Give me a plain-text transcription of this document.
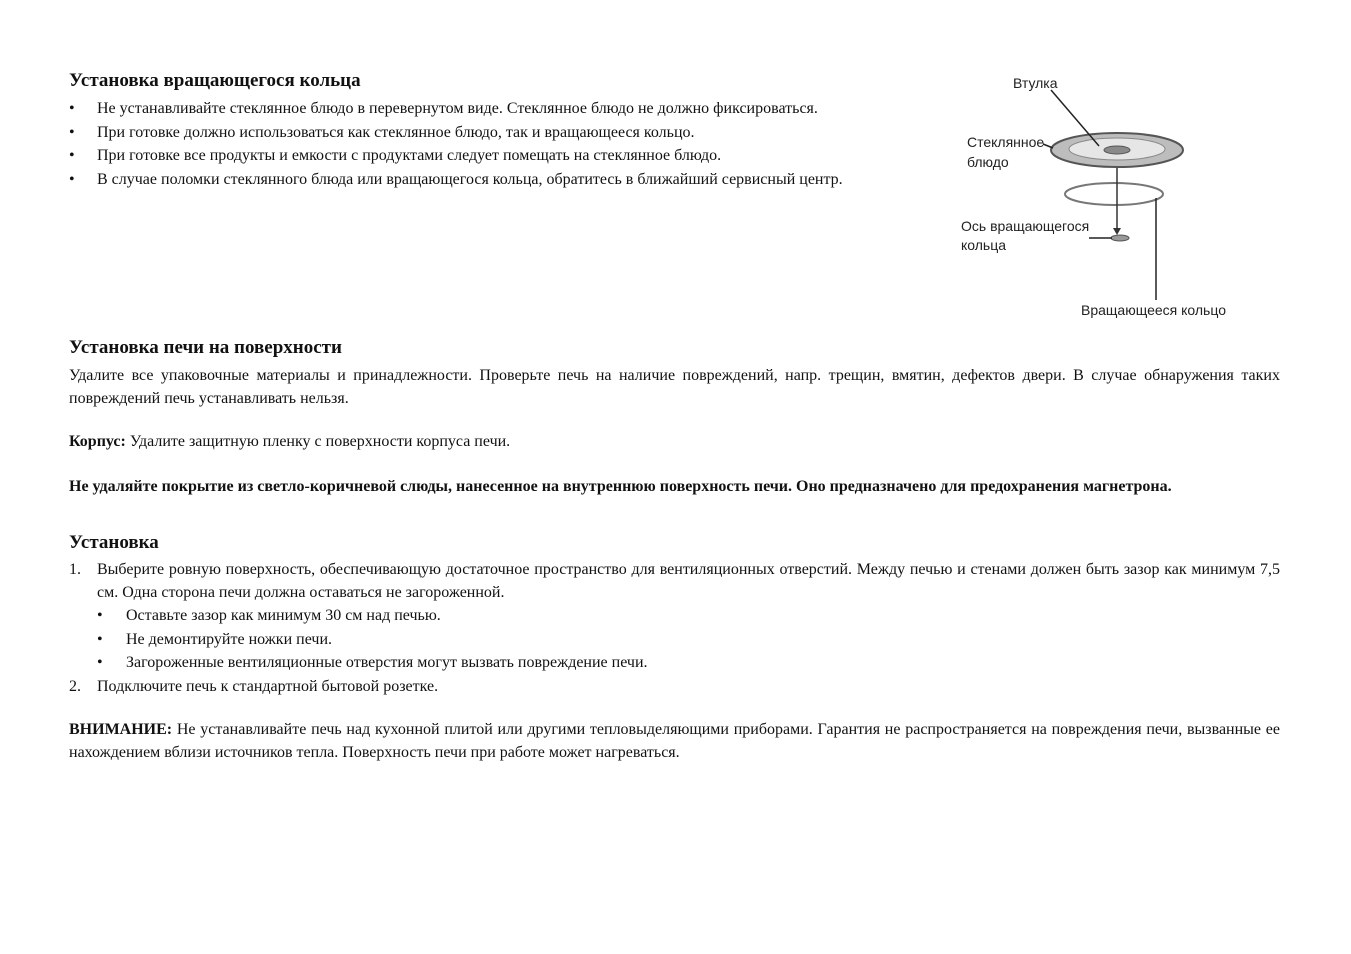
Установка вращающегося кольца
• Не устанавливайте стеклянное блюдо в перевернутом виде. Стеклянное блюдо не должно фиксироваться.
• При готовке должно использоваться как стеклянное блюдо, так и вращающееся кольцо.
• При готовке все продукты и емкости с продуктами следует помещать на стеклянное блюдо.
• В случае поломки стеклянного блюда или вращающегося кольца, обратитесь в ближайший сервисный центр.
Установка печи на поверхности

Удалите все упаковочные материалы и принадлежности. Проверьте печь на наличие повреждений, напр. трещин, вмятин, дефектов двери. В случае обнаружения таких повреждений печь устанавливать нельзя.

Корпус: Удалите защитную пленку с поверхности корпуса печи.

Не удаляйте покрытие из светло-коричневой слюды, нанесенное на внутреннюю поверхность печи. Оно предназначено для предохранения магнетрона.

Установка
1. Выберите ровную поверхность, обеспечивающую достаточное пространство для вентиляционных отверстий. Между печью и стенами должен быть зазор как минимум 7,5 см. Одна сторона печи должна оставаться не загороженной.
• Оставьте зазор как минимум 30 см над печью.
• Не демонтируйте ножки печи.
• Загороженные вентиляционные отверстия могут вызвать повреждение печи.
2. Подключите печь к стандартной бытовой розетке.

ВНИМАНИЕ: Не устанавливайте печь над кухонной плитой или другими тепловыделяющими приборами. Гарантия не распространяется на повреждения печи, вызванные ее нахождением вблизи источников тепла. Поверхность печи при работе может нагреваться.

Втулка
Стеклянное
блюдо
Ось вращающегося
кольца
Вращающееся кольцо
